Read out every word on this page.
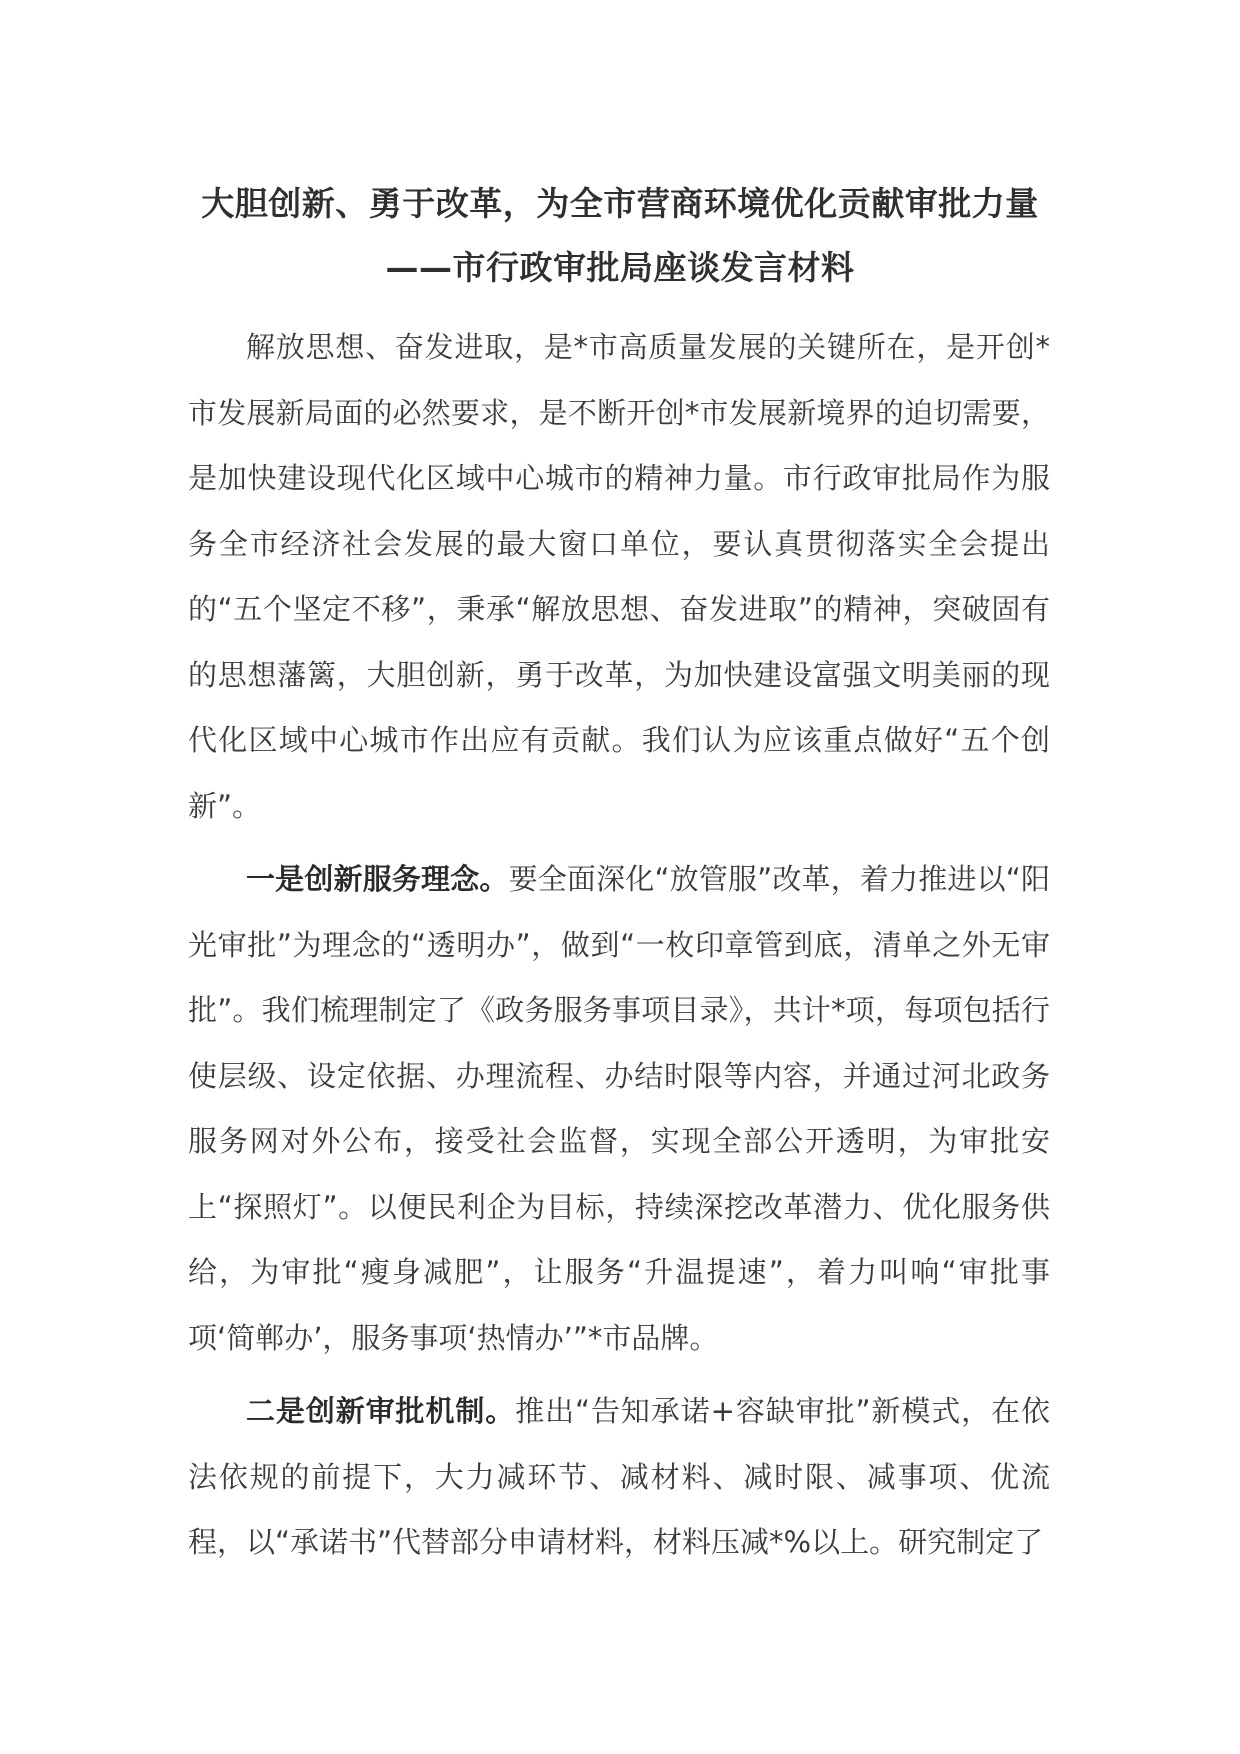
大胆创新、勇于改革，为全市营商环境优化贡献审批力量
——市行政审批局座谈发言材料

解放思想、奋发进取，是*市高质量发展的关键所在，是开创*市发展新局面的必然要求，是不断开创*市发展新境界的迫切需要，是加快建设现代化区域中心城市的精神力量。市行政审批局作为服务全市经济社会发展的最大窗口单位，要认真贯彻落实全会提出的“五个坚定不移”，秉承“解放思想、奋发进取”的精神，突破固有的思想藩篱，大胆创新，勇于改革，为加快建设富强文明美丽的现代化区域中心城市作出应有贡献。我们认为应该重点做好“五个创新”。

一是创新服务理念。要全面深化“放管服”改革，着力推进以“阳光审批”为理念的“透明办”，做到“一枚印章管到底，清单之外无审批”。我们梳理制定了《政务服务事项目录》，共计*项，每项包括行使层级、设定依据、办理流程、办结时限等内容，并通过河北政务服务网对外公布，接受社会监督，实现全部公开透明，为审批安上“探照灯”。以便民利企为目标，持续深挖改革潜力、优化服务供给，为审批“瘦身减肥”，让服务“升温提速”，着力叫响“审批事项‘简郸办’，服务事项‘热情办’”*市品牌。

二是创新审批机制。推出“告知承诺+容缺审批”新模式，在依法依规的前提下，大力减环节、减材料、减时限、减事项、优流程，以“承诺书”代替部分申请材料，材料压减*%以上。研究制定了
